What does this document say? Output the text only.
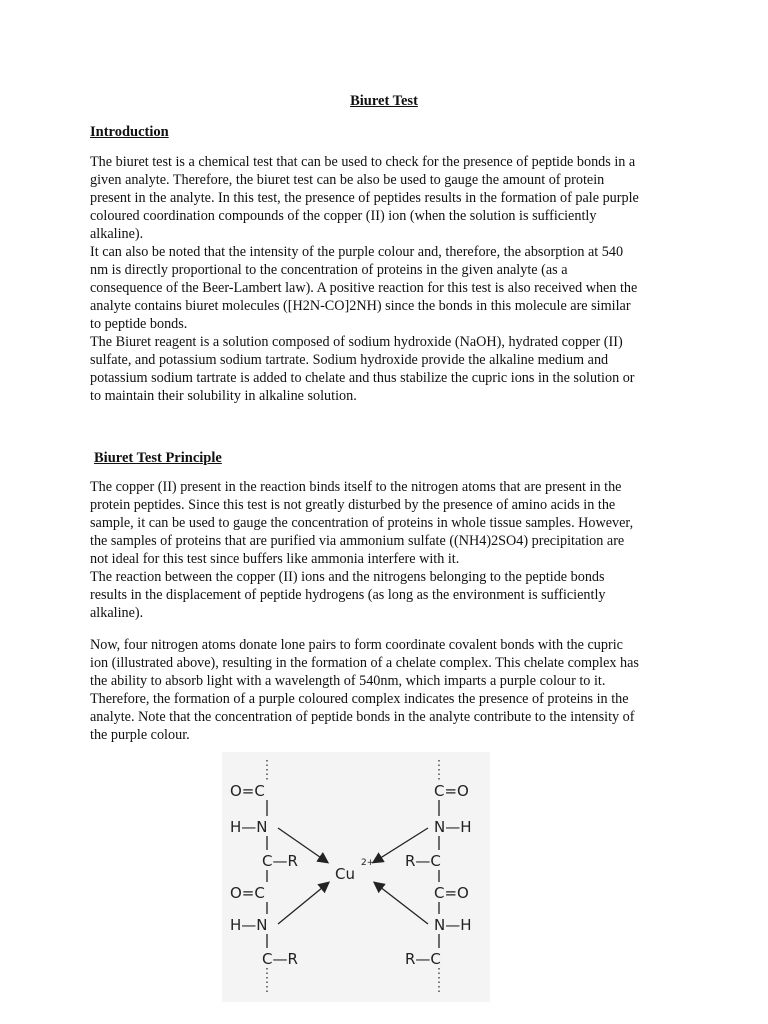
Biuret Test
Introduction
The biuret test is a chemical test that can be used to check for the presence of peptide bonds in a
given analyte. Therefore, the biuret test can be also be used to gauge the amount of protein
present in the analyte. In this test, the presence of peptides results in the formation of pale purple
coloured coordination compounds of the copper (II) ion (when the solution is sufficiently
alkaline).
It can also be noted that the intensity of the purple colour and, therefore, the absorption at 540
nm is directly proportional to the concentration of proteins in the given analyte (as a
consequence of the Beer-Lambert law). A positive reaction for this test is also received when the
analyte contains biuret molecules ([H2N-CO]2NH) since the bonds in this molecule are similar
to peptide bonds.
The Biuret reagent is a solution composed of sodium hydroxide (NaOH), hydrated copper (II)
sulfate, and potassium sodium tartrate. Sodium hydroxide provide the alkaline medium and
potassium sodium tartrate is added to chelate and thus stabilize the cupric ions in the solution or
to maintain their solubility in alkaline solution.
Biuret Test Principle
The copper (II) present in the reaction binds itself to the nitrogen atoms that are present in the
protein peptides. Since this test is not greatly disturbed by the presence of amino acids in the
sample, it can be used to gauge the concentration of proteins in whole tissue samples. However,
the samples of proteins that are purified via ammonium sulfate ((NH4)2SO4) precipitation are
not ideal for this test since buffers like ammonia interfere with it.
The reaction between the copper (II) ions and the nitrogens belonging to the peptide bonds
results in the displacement of peptide hydrogens (as long as the environment is sufficiently
alkaline).
Now, four nitrogen atoms donate lone pairs to form coordinate covalent bonds with the cupric
ion (illustrated above), resulting in the formation of a chelate complex. This chelate complex has
the ability to absorb light with a wavelength of 540nm, which imparts a purple colour to it.
Therefore, the formation of a purple coloured complex indicates the presence of proteins in the
analyte. Note that the concentration of peptide bonds in the analyte contribute to the intensity of
the purple colour.
O=C
H—N
C—R
O=C
H—N
C—R
C=O
N—H
R—C
C=O
N—H
R—C
Cu
2+
